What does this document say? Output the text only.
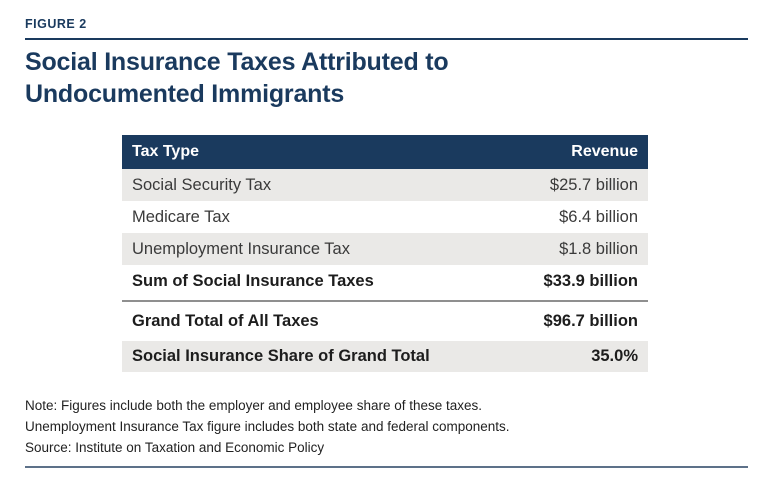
FIGURE 2
Social Insurance Taxes Attributed to
Undocumented Immigrants
Tax Type	Revenue
Social Security Tax	$25.7 billion
Medicare Tax	$6.4 billion
Unemployment Insurance Tax	$1.8 billion
Sum of Social Insurance Taxes	$33.9 billion
Grand Total of All Taxes	$96.7 billion
Social Insurance Share of Grand Total	35.0%
Note: Figures include both the employer and employee share of these taxes.
Unemployment Insurance Tax figure includes both state and federal components.
Source: Institute on Taxation and Economic Policy
